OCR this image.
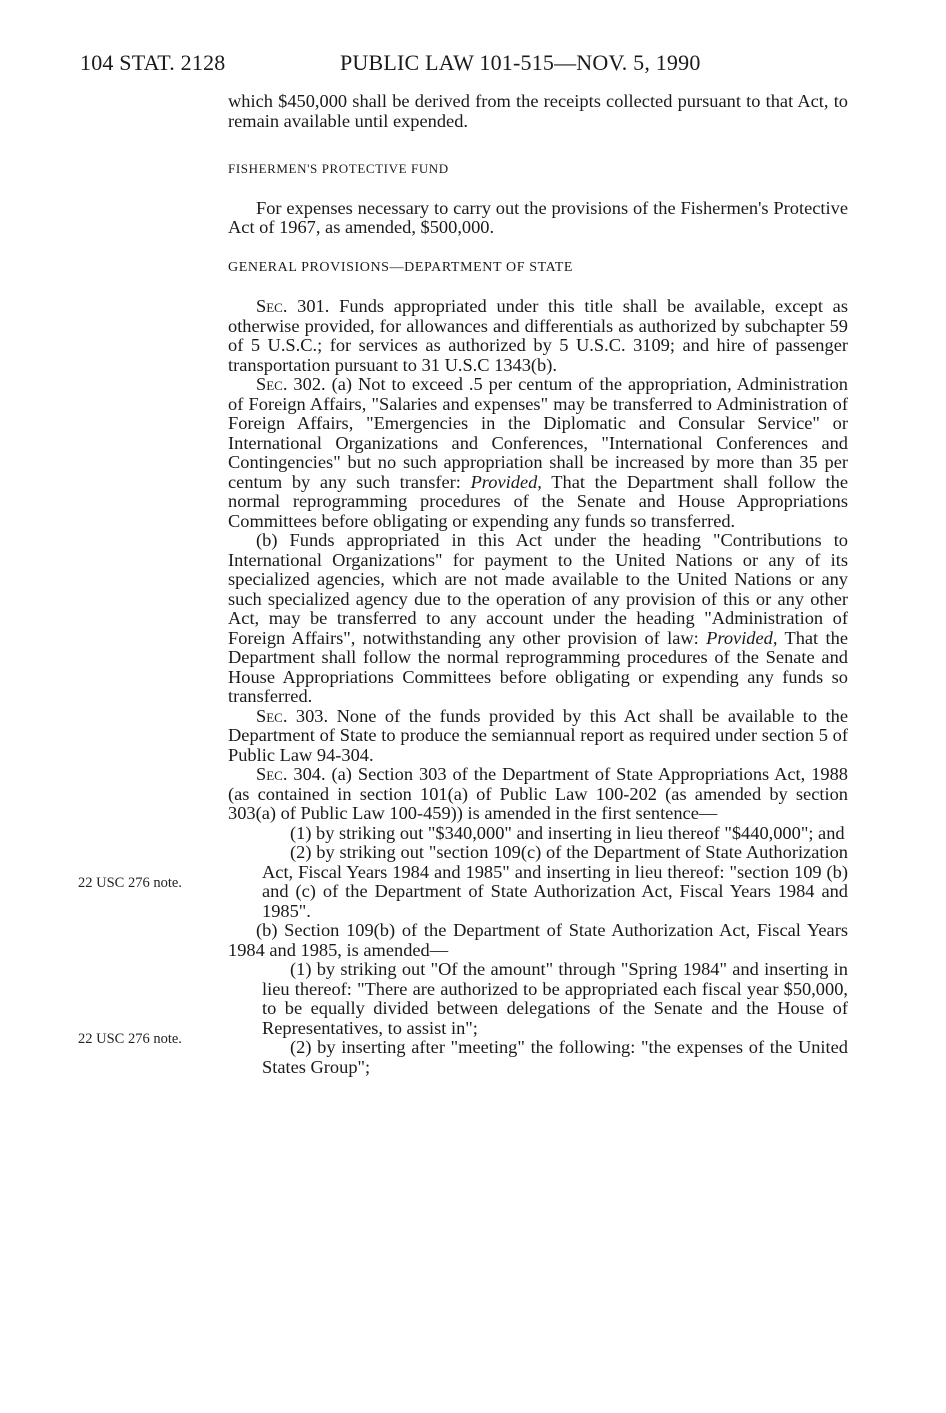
104 STAT. 2128	PUBLIC LAW 101-515—NOV. 5, 1990
22 USC 276 note.
22 USC 276 note.

which $450,000 shall be derived from the receipts collected pursuant to that Act, to remain available until expended.

FISHERMEN'S PROTECTIVE FUND

For expenses necessary to carry out the provisions of the Fishermen's Protective Act of 1967, as amended, $500,000.

GENERAL PROVISIONS—DEPARTMENT OF STATE

Sec. 301. Funds appropriated under this title shall be available, except as otherwise provided, for allowances and differentials as authorized by subchapter 59 of 5 U.S.C.; for services as authorized by 5 U.S.C. 3109; and hire of passenger transportation pursuant to 31 U.S.C 1343(b).

Sec. 302. (a) Not to exceed .5 per centum of the appropriation, Administration of Foreign Affairs, "Salaries and expenses" may be transferred to Administration of Foreign Affairs, "Emergencies in the Diplomatic and Consular Service" or International Organizations and Conferences, "International Conferences and Contingencies" but no such appropriation shall be increased by more than 35 per centum by any such transfer: Provided, That the Department shall follow the normal reprogramming procedures of the Senate and House Appropriations Committees before obligating or expending any funds so transferred.

(b) Funds appropriated in this Act under the heading "Contributions to International Organizations" for payment to the United Nations or any of its specialized agencies, which are not made available to the United Nations or any such specialized agency due to the operation of any provision of this or any other Act, may be transferred to any account under the heading "Administration of Foreign Affairs", notwithstanding any other provision of law: Provided, That the Department shall follow the normal reprogramming procedures of the Senate and House Appropriations Committees before obligating or expending any funds so transferred.

Sec. 303. None of the funds provided by this Act shall be available to the Department of State to produce the semiannual report as required under section 5 of Public Law 94-304.

Sec. 304. (a) Section 303 of the Department of State Appropriations Act, 1988 (as contained in section 101(a) of Public Law 100-202 (as amended by section 303(a) of Public Law 100-459)) is amended in the first sentence—

(1) by striking out "$340,000" and inserting in lieu thereof "$440,000"; and

(2) by striking out "section 109(c) of the Department of State Authorization Act, Fiscal Years 1984 and 1985" and inserting in lieu thereof: "section 109 (b) and (c) of the Department of State Authorization Act, Fiscal Years 1984 and 1985".

(b) Section 109(b) of the Department of State Authorization Act, Fiscal Years 1984 and 1985, is amended—

(1) by striking out "Of the amount" through "Spring 1984" and inserting in lieu thereof: "There are authorized to be appropriated each fiscal year $50,000, to be equally divided between delegations of the Senate and the House of Representatives, to assist in";

(2) by inserting after "meeting" the following: "the expenses of the United States Group";
